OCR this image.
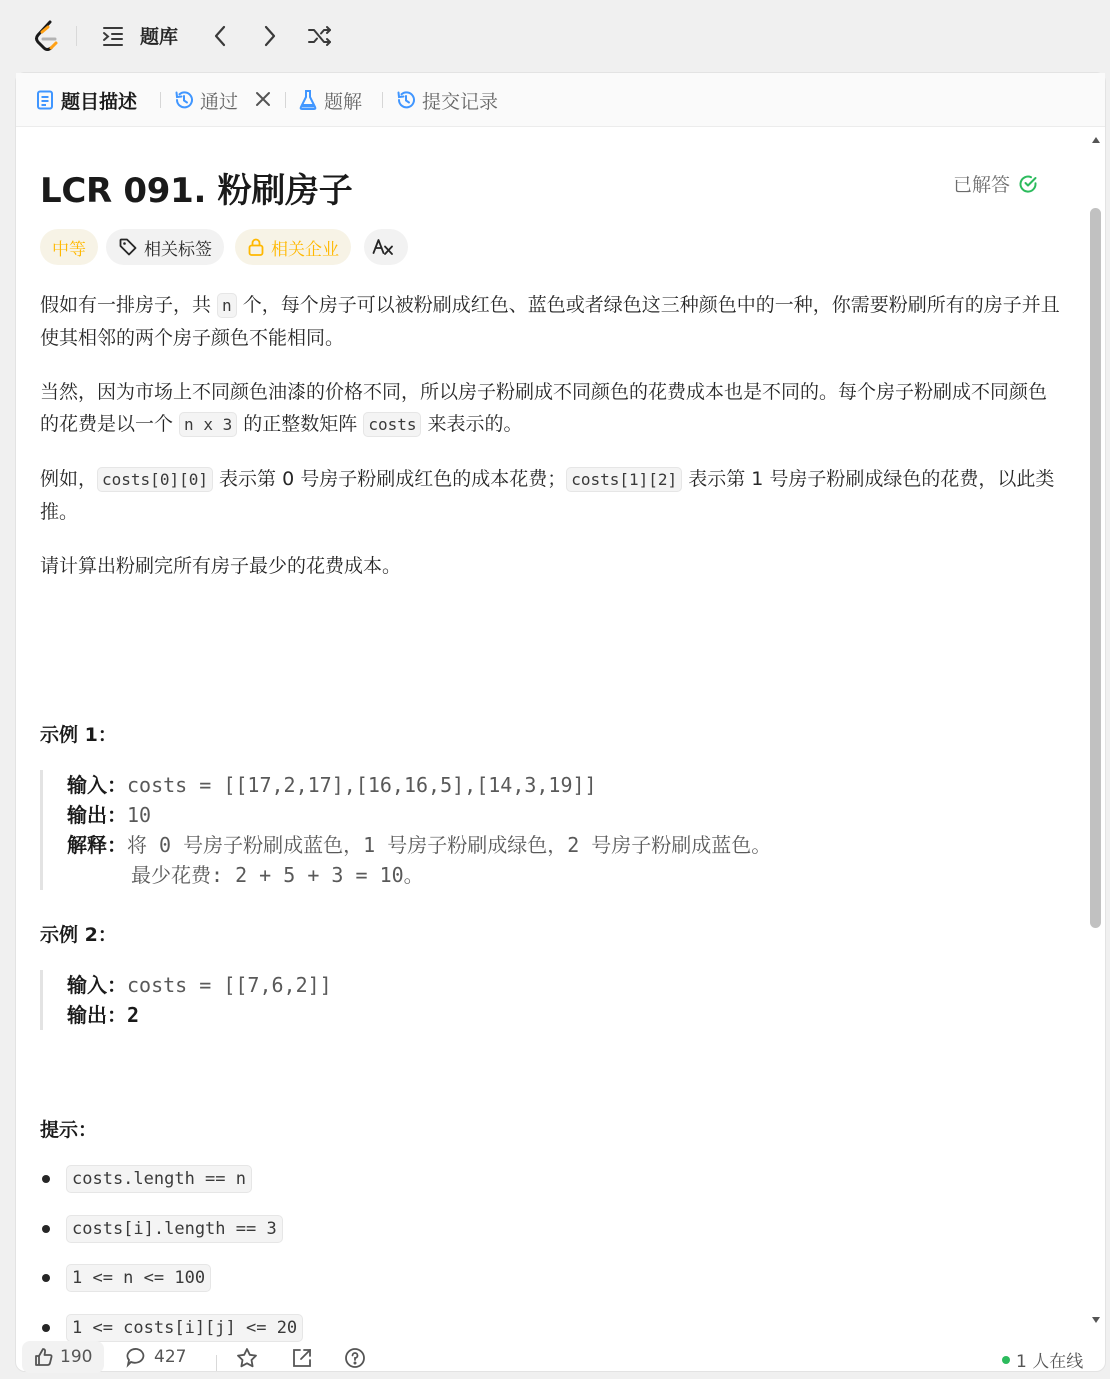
题库
题目描述	通过	题解	提交记录
LCR 091. 粉刷房子	已解答
中等	相关标签	相关企业

假如有一排房子，共 n 个，每个房子可以被粉刷成红色、蓝色或者绿色这三种颜色中的一种，你需要粉刷所有的房子并且使其相邻的两个房子颜色不能相同。

当然，因为市场上不同颜色油漆的价格不同，所以房子粉刷成不同颜色的花费成本也是不同的。每个房子粉刷成不同颜色的花费是以一个 n x 3 的正整数矩阵 costs 来表示的。

例如， costs[0][0] 表示第 0 号房子粉刷成红色的成本花费； costs[1][2] 表示第 1 号房子粉刷成绿色的花费，以此类推。

请计算出粉刷完所有房子最少的花费成本。

示例 1：
输入：costs = [[17,2,17],[16,16,5],[14,3,19]]
输出：10
解释：将 0 号房子粉刷成蓝色，1 号房子粉刷成绿色，2 号房子粉刷成蓝色。
最少花费: 2 + 5 + 3 = 10。
示例 2：
输入：costs = [[7,6,2]]
输出：2
提示：
costs.length == n
costs[i].length == 3
1 <= n <= 100
1 <= costs[i][j] <= 20
190	427	1 人在线
